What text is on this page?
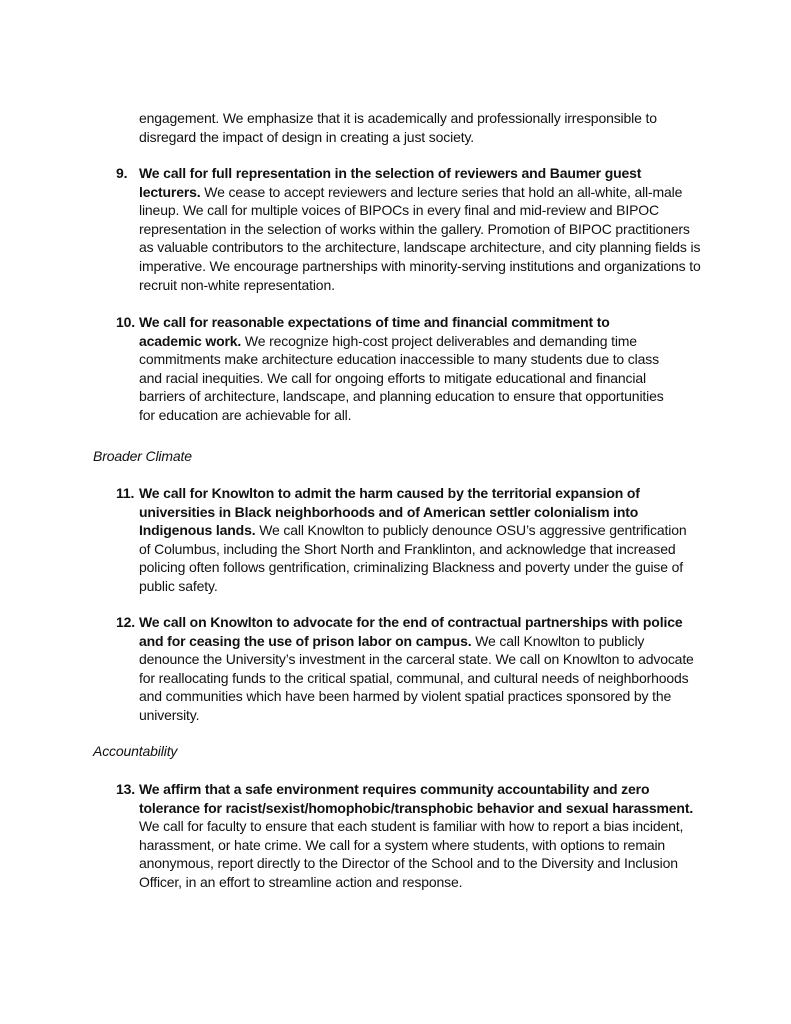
engagement. We emphasize that it is academically and professionally irresponsible to
disregard the impact of design in creating a just society.
9. We call for full representation in the selection of reviewers and Baumer guest
lecturers. We cease to accept reviewers and lecture series that hold an all-white, all-male
lineup. We call for multiple voices of BIPOCs in every final and mid-review and BIPOC
representation in the selection of works within the gallery. Promotion of BIPOC practitioners
as valuable contributors to the architecture, landscape architecture, and city planning fields is
imperative. We encourage partnerships with minority-serving institutions and organizations to
recruit non-white representation.
10. We call for reasonable expectations of time and financial commitment to
academic work. We recognize high-cost project deliverables and demanding time
commitments make architecture education inaccessible to many students due to class
and racial inequities. We call for ongoing efforts to mitigate educational and financial
barriers of architecture, landscape, and planning education to ensure that opportunities
for education are achievable for all.
Broader Climate
11. We call for Knowlton to admit the harm caused by the territorial expansion of
universities in Black neighborhoods and of American settler colonialism into
Indigenous lands. We call Knowlton to publicly denounce OSU’s aggressive gentrification
of Columbus, including the Short North and Franklinton, and acknowledge that increased
policing often follows gentrification, criminalizing Blackness and poverty under the guise of
public safety.
12. We call on Knowlton to advocate for the end of contractual partnerships with police
and for ceasing the use of prison labor on campus. We call Knowlton to publicly
denounce the University’s investment in the carceral state. We call on Knowlton to advocate
for reallocating funds to the critical spatial, communal, and cultural needs of neighborhoods
and communities which have been harmed by violent spatial practices sponsored by the
university.
Accountability
13. We affirm that a safe environment requires community accountability and zero
tolerance for racist/sexist/homophobic/transphobic behavior and sexual harassment.
We call for faculty to ensure that each student is familiar with how to report a bias incident,
harassment, or hate crime. We call for a system where students, with options to remain
anonymous, report directly to the Director of the School and to the Diversity and Inclusion
Officer, in an effort to streamline action and response.
